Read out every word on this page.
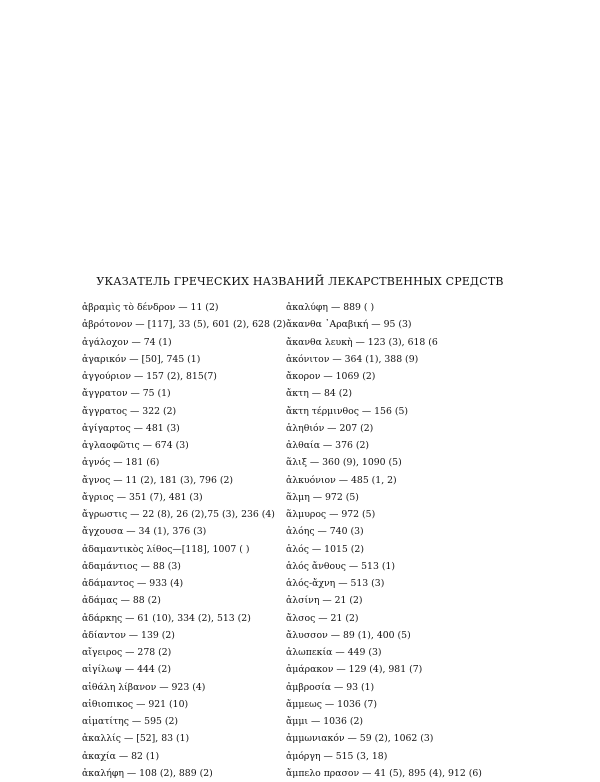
УКАЗАТЕЛЬ ГРЕЧЕСКИХ НАЗВАНИЙ ЛЕКАРСТВЕННЫХ СРЕДСТВ
ἀβραμὶς τὸ δένδρον — 11 (2)
ἀβρότονον — [117], 33 (5), 601 (2), 628 (2)
ἀγάλοχον — 74 (1)
ἀγαρικόν — [50], 745 (1)
ἀγγούριον — 157 (2), 815(7)
ἄγγρατον — 75 (1)
ἄγγρατος — 322 (2)
ἀγίγαρτος — 481 (3)
ἀγλαοφῶτις — 674 (3)
ἀγνός — 181 (6)
ἄγνος — 11 (2), 181 (3), 796 (2)
ἄγριος — 351 (7), 481 (3)
ἄγρωστις — 22 (8), 26 (2),75 (3), 236 (4)
ἄγχουσα — 34 (1), 376 (3)
ἀδαμαντικὸς λίθος—[118], 1007 ( )
ἀδαμάντιος — 88 (3)
ἀδάμαντος — 933 (4)
ἀδάμας — 88 (2)
ἀδάρκης — 61 (10), 334 (2), 513 (2)
ἀδίαντον — 139 (2)
αἴγειρος — 278 (2)
αἰγίλωψ — 444 (2)
αἰθάλη λίβανον — 923 (4)
αἰθιοπικος — 921 (10)
αἱματίτης — 595 (2)
ἀκαλλίς — [52], 83 (1)
ἀκαχία — 82 (1)
ἀκαλήφη — 108 (2), 889 (2)
ἀκαλύφη — 889 ( )
ἄκανθα ᾿Αραβική — 95 (3)
ἄκανθα λευκὴ — 123 (3), 618 (6
ἀκόνιτον — 364 (1), 388 (9)
ἄκορον — 1069 (2)
ἄκτη — 84 (2)
ἄκτη τέρμινθος — 156 (5)
ἁληθιόν — 207 (2)
ἀλθαία — 376 (2)
ἅλιξ — 360 (9), 1090 (5)
ἀλκυόνιον — 485 (1, 2)
ἅλμη — 972 (5)
ἅλμυρος — 972 (5)
ἀλόης — 740 (3)
ἁλός — 1015 (2)
ἁλός ἄνθους — 513 (1)
ἁλός-ἄχνη — 513 (3)
ἀλσίνη — 21 (2)
ἄλσος — 21 (2)
ἄλυσσον — 89 (1), 400 (5)
ἀλωπεκία — 449 (3)
ἀμάρακον — 129 (4), 981 (7)
ἀμβροσία — 93 (1)
ἄμμεως — 1036 (7)
ἄμμι — 1036 (2)
ἀμμωνιακόν — 59 (2), 1062 (3)
ἀμόργη — 515 (3, 18)
ἄμπελο πρασον — 41 (5), 895 (4), 912 (6)
